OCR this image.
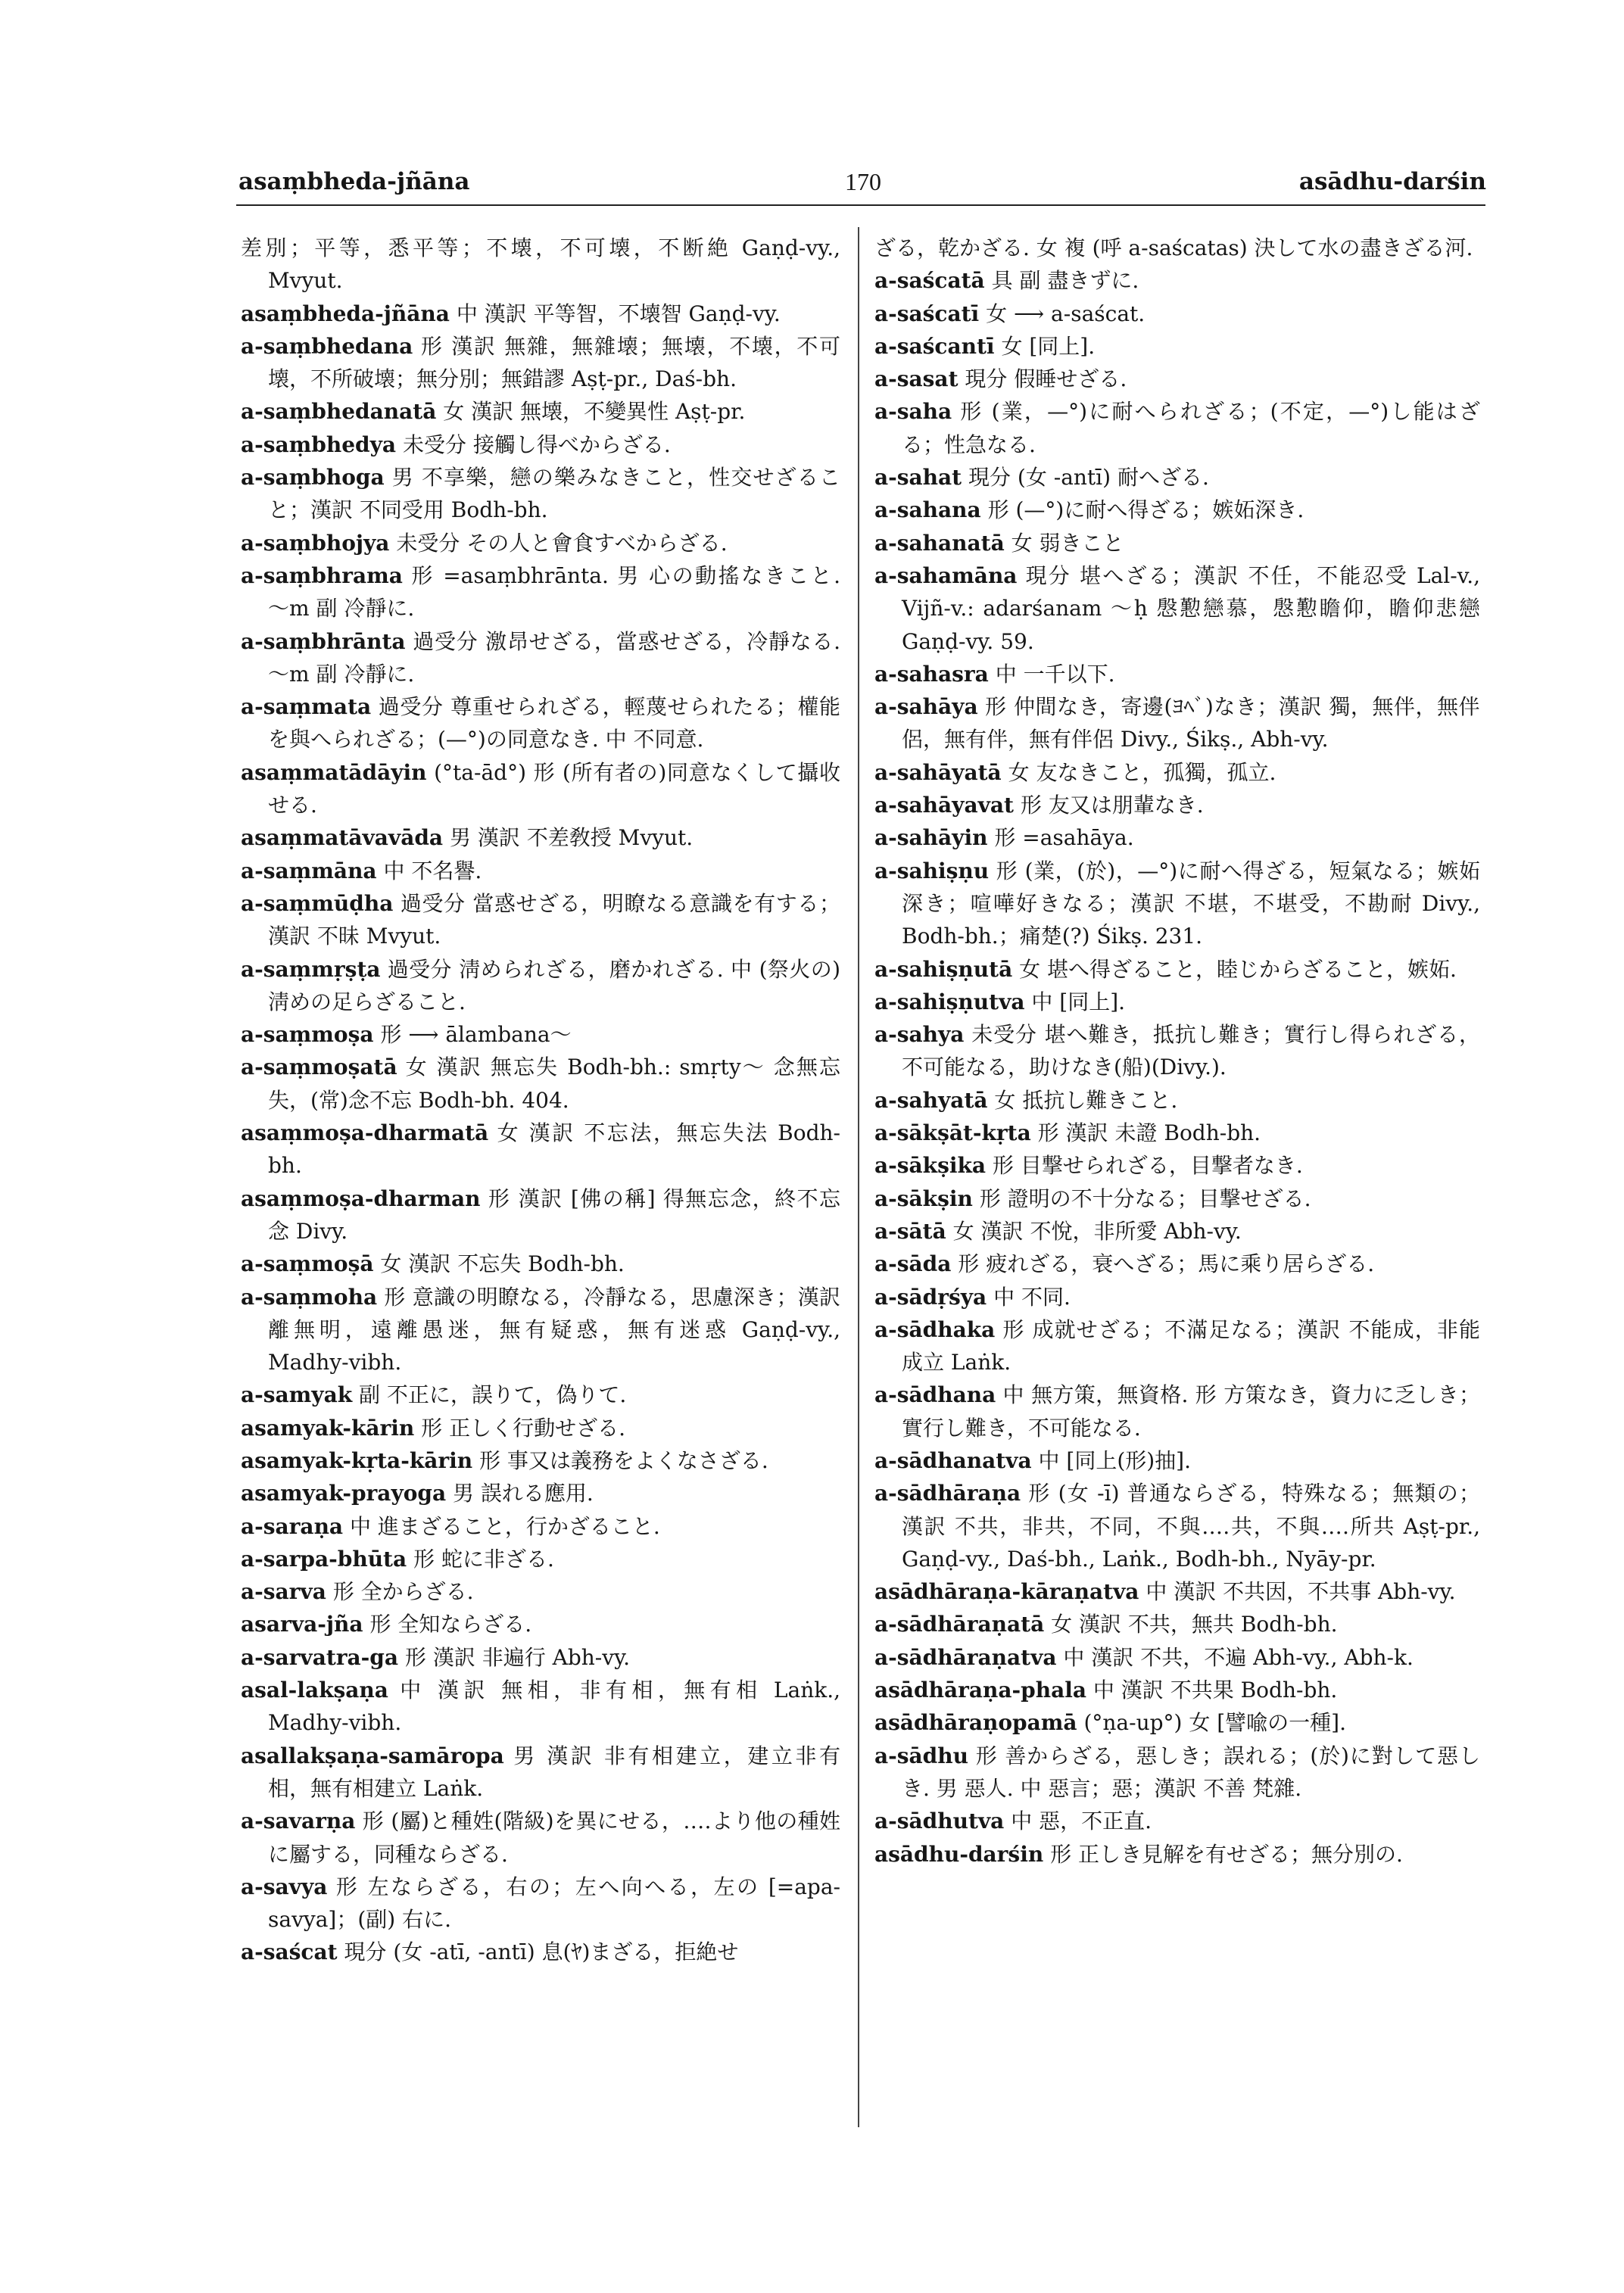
asaṃbheda-jñāna	170	asādhu-darśin

差別；平等，悉平等；不壊，不可壊，不断絶 Gaṇḍ-vy., Mvyut.

asaṃbheda-jñāna 中 漢訳 平等智，不壊智 Gaṇḍ-vy.

a-saṃbhedana 形 漢訳 無雜，無雜壊；無壊，不壊，不可壊，不所破壊；無分別；無錯謬 Aṣṭ-pr., Daś-bh.

a-saṃbhedanatā 女 漢訳 無壊，不變異性 Aṣṭ-pr.

a-saṃbhedya 未受分 接觸し得べからざる.

a-saṃbhoga 男 不享樂，戀の樂みなきこと，性交せざること；漢訳 不同受用 Bodh-bh.

a-saṃbhojya 未受分 その人と會食すべからざる.

a-saṃbhrama 形 =asaṃbhrānta. 男 心の動搖なきこと. 〜m 副 冷靜に.

a-saṃbhrānta 過受分 激昂せざる，當惑せざる，冷靜なる. 〜m 副 冷靜に.

a-saṃmata 過受分 尊重せられざる，輕蔑せられたる；權能を與へられざる；(—°)の同意なき. 中 不同意.

asaṃmatādāyin (°ta-ād°) 形 (所有者の)同意なくして攝收せる.

asaṃmatāvavāda 男 漢訳 不差敎授 Mvyut.

a-saṃmāna 中 不名譽.

a-saṃmūḍha 過受分 當惑せざる，明瞭なる意識を有する；漢訳 不昧 Mvyut.

a-saṃmṛṣṭa 過受分 淸められざる，磨かれざる. 中 (祭火の)淸めの足らざること.

a-saṃmoṣa 形 ⟶ ālambana〜

a-saṃmoṣatā 女 漢訳 無忘失 Bodh-bh.: smṛty〜 念無忘失，(常)念不忘 Bodh-bh. 404.

asaṃmoṣa-dharmatā 女 漢訳 不忘法，無忘失法 Bodh-bh.

asaṃmoṣa-dharman 形 漢訳 [佛の稱] 得無忘念，終不忘念 Divy.

a-saṃmoṣā 女 漢訳 不忘失 Bodh-bh.

a-saṃmoha 形 意識の明瞭なる，冷靜なる，思慮深き；漢訳 離無明，遠離愚迷，無有疑惑，無有迷惑 Gaṇḍ-vy., Madhy-vibh.

a-samyak 副 不正に，誤りて，偽りて.

asamyak-kārin 形 正しく行動せざる.

asamyak-kṛta-kārin 形 事又は義務をよくなさざる.

asamyak-prayoga 男 誤れる應用.

a-saraṇa 中 進まざること，行かざること.

a-sarpa-bhūta 形 蛇に非ざる.

a-sarva 形 全からざる.

asarva-jña 形 全知ならざる.

a-sarvatra-ga 形 漢訳 非遍行 Abh-vy.

asal-lakṣaṇa 中 漢訳 無相，非有相，無有相 Laṅk., Madhy-vibh.

asallakṣaṇa-samāropa 男 漢訳 非有相建立，建立非有相，無有相建立 Laṅk.

a-savarṇa 形 (屬)と種姓(階級)を異にせる，‥‥より他の種姓に屬する，同種ならざる.

a-savya 形 左ならざる，右の；左へ向へる，左の [=apa-savya]；(副) 右に.

a-saścat 現分 (女 -atī, -antī) 息(ﾔ)まざる，拒絶せ

ざる，乾かざる. 女 複 (呼 a-saścatas) 決して水の盡きざる河.

a-saścatā 具 副 盡きずに.

a-saścatī 女 ⟶ a-saścat.

a-saścantī 女 [同上].

a-sasat 現分 假睡せざる.

a-saha 形 (業，—°)に耐へられざる；(不定，—°)し能はざる；性急なる.

a-sahat 現分 (女 -antī) 耐へざる.

a-sahana 形 (—°)に耐へ得ざる；嫉妬深き.

a-sahanatā 女 弱きこと

a-sahamāna 現分 堪へざる；漢訳 不任，不能忍受 Lal-v., Vijñ-v.: adarśanam 〜ḥ 慇懃戀慕，慇懃瞻仰，瞻仰悲戀 Gaṇḍ-vy. 59.

a-sahasra 中 一千以下.

a-sahāya 形 仲間なき，寄邊(ﾖﾍﾞ)なき；漢訳 獨，無伴，無伴侶，無有伴，無有伴侶 Divy., Śikṣ., Abh-vy.

a-sahāyatā 女 友なきこと，孤獨，孤立.

a-sahāyavat 形 友又は朋輩なき.

a-sahāyin 形 =asahāya.

a-sahiṣṇu 形 (業，(於)，—°)に耐へ得ざる，短氣なる；嫉妬深き；喧嘩好きなる；漢訳 不堪，不堪受，不勘耐 Divy., Bodh-bh.；痛楚(?) Śikṣ. 231.

a-sahiṣṇutā 女 堪へ得ざること，睦じからざること，嫉妬.

a-sahiṣṇutva 中 [同上].

a-sahya 未受分 堪へ難き，抵抗し難き；實行し得られざる，不可能なる，助けなき(船)(Divy.).

a-sahyatā 女 抵抗し難きこと.

a-sākṣāt-kṛta 形 漢訳 未證 Bodh-bh.

a-sākṣika 形 目撃せられざる，目撃者なき.

a-sākṣin 形 證明の不十分なる；目撃せざる.

a-sātā 女 漢訳 不悅，非所愛 Abh-vy.

a-sāda 形 疲れざる，衰へざる；馬に乘り居らざる.

a-sādṛśya 中 不同.

a-sādhaka 形 成就せざる；不滿足なる；漢訳 不能成，非能成立 Laṅk.

a-sādhana 中 無方策，無資格. 形 方策なき，資力に乏しき；實行し難き，不可能なる.

a-sādhanatva 中 [同上(形)抽].

a-sādhāraṇa 形 (女 -ī) 普通ならざる，特殊なる；無類の；漢訳 不共，非共，不同，不與‥‥共，不與‥‥所共 Aṣṭ-pr., Gaṇḍ-vy., Daś-bh., Laṅk., Bodh-bh., Nyāy-pr.

asādhāraṇa-kāraṇatva 中 漢訳 不共因，不共事 Abh-vy.

a-sādhāraṇatā 女 漢訳 不共，無共 Bodh-bh.

a-sādhāraṇatva 中 漢訳 不共，不遍 Abh-vy., Abh-k.

asādhāraṇa-phala 中 漢訳 不共果 Bodh-bh.

asādhāraṇopamā (°ṇa-up°) 女 [譬喩の一種].

a-sādhu 形 善からざる，惡しき；誤れる；(於)に對して惡しき. 男 惡人. 中 惡言；惡；漢訳 不善 梵雜.

a-sādhutva 中 惡，不正直.

asādhu-darśin 形 正しき見解を有せざる；無分別の.
